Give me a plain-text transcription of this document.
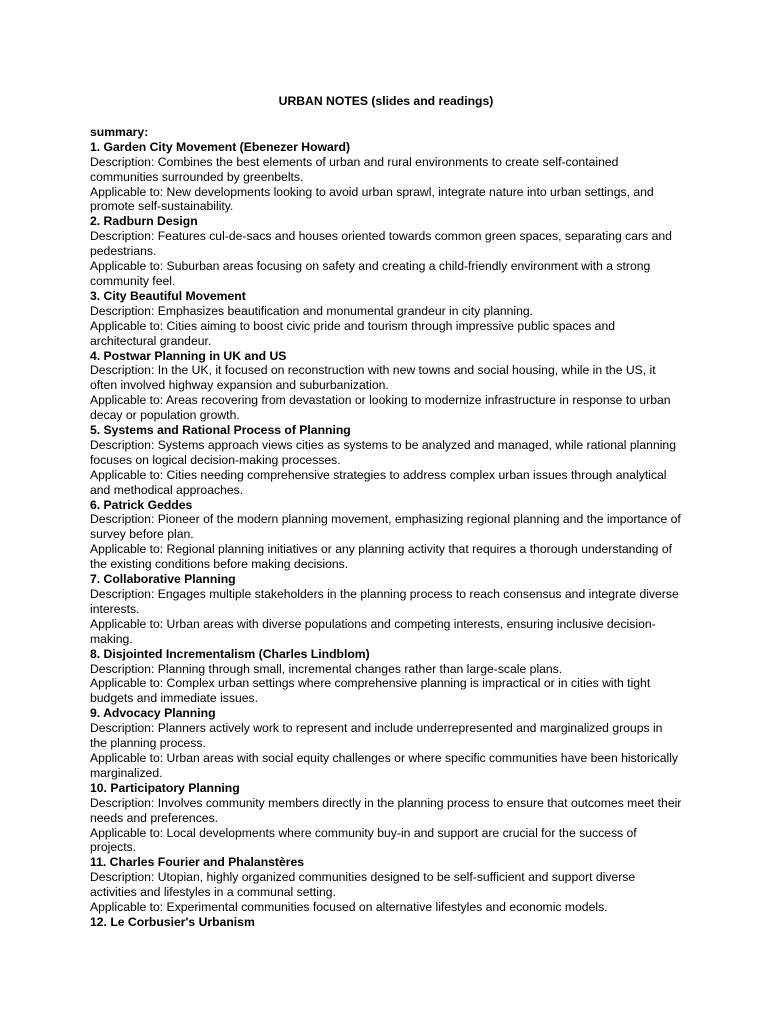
URBAN NOTES (slides and readings)
summary:

1. Garden City Movement (Ebenezer Howard)

Description: Combines the best elements of urban and rural environments to create self-contained communities surrounded by greenbelts.

Applicable to: New developments looking to avoid urban sprawl, integrate nature into urban settings, and promote self-sustainability.

2. Radburn Design

Description: Features cul-de-sacs and houses oriented towards common green spaces, separating cars and pedestrians.

Applicable to: Suburban areas focusing on safety and creating a child-friendly environment with a strong community feel.

3. City Beautiful Movement

Description: Emphasizes beautification and monumental grandeur in city planning.

Applicable to: Cities aiming to boost civic pride and tourism through impressive public spaces and architectural grandeur.

4. Postwar Planning in UK and US

Description: In the UK, it focused on reconstruction with new towns and social housing, while in the US, it often involved highway expansion and suburbanization.

Applicable to: Areas recovering from devastation or looking to modernize infrastructure in response to urban decay or population growth.

5. Systems and Rational Process of Planning

Description: Systems approach views cities as systems to be analyzed and managed, while rational planning focuses on logical decision-making processes.

Applicable to: Cities needing comprehensive strategies to address complex urban issues through analytical and methodical approaches.

6. Patrick Geddes

Description: Pioneer of the modern planning movement, emphasizing regional planning and the importance of survey before plan.

Applicable to: Regional planning initiatives or any planning activity that requires a thorough understanding of the existing conditions before making decisions.

7. Collaborative Planning

Description: Engages multiple stakeholders in the planning process to reach consensus and integrate diverse interests.

Applicable to: Urban areas with diverse populations and competing interests, ensuring inclusive decision-making.

8. Disjointed Incrementalism (Charles Lindblom)

Description: Planning through small, incremental changes rather than large-scale plans.

Applicable to: Complex urban settings where comprehensive planning is impractical or in cities with tight budgets and immediate issues.

9. Advocacy Planning

Description: Planners actively work to represent and include underrepresented and marginalized groups in the planning process.

Applicable to: Urban areas with social equity challenges or where specific communities have been historically marginalized.

10. Participatory Planning

Description: Involves community members directly in the planning process to ensure that outcomes meet their needs and preferences.

Applicable to: Local developments where community buy-in and support are crucial for the success of projects.

11. Charles Fourier and Phalanstères

Description: Utopian, highly organized communities designed to be self-sufficient and support diverse activities and lifestyles in a communal setting.

Applicable to: Experimental communities focused on alternative lifestyles and economic models.

12. Le Corbusier's Urbanism
